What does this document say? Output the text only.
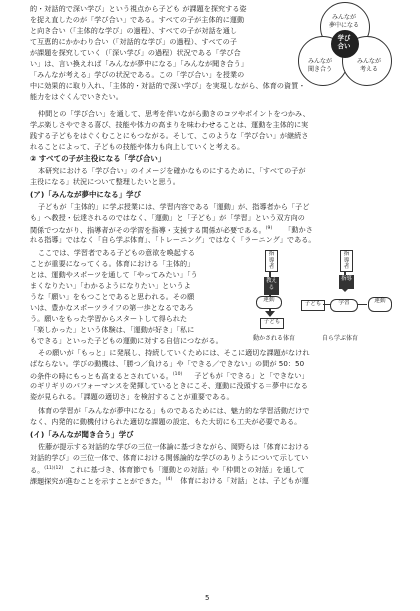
的・対話的で深い学び」という視点から子ども が課題を探究する姿
を捉え直したのが「学び合い」である。すべての子が主体的に運動
と向き合い（「主体的な学び」の過程）、すべての子が対話を通し
て互恵的にかかわり合い（「対話的な学び」の過程）、すべての子
が課題を探究していく（「深い学び」の過程）状況である「学び合
い」は、言い換えれば「みんなが夢中になる」「みんなが聞き合う」
「みんなが考える」学びの状況である。この「学び合い」を授業の
中に効果的に取り入れ、「主体的・対話的で深い学び」を実現しながら、体育の資質・
能力をはぐくんでいきたい。
みんなが
夢中になる
学び
合い
みんなが
聞き合う
みんなが
考える
仲間との「学び合い」を通して、思考を伴いながら動きのコツやポイントをつかみ、
学ぶ楽しさやできる喜び、技能や体力の高まりを味わわせることは、運動を主体的に実
践する子どもをはぐくむことにもつながる。そして、このような「学び合い」が継続さ
れることによって、子どもの技能や体力も向上していくと考える。
② すべての子が主役になる「学び合い」
本研究における「学び合い」のイメージを確かなものにするために、「すべての子が
主役になる」状況について整理したいと思う。
(ア)「みんなが夢中になる」学び
子どもが「主体的」に学ぶ授業には、学習内容である「運動」が、指導者から「子ど
も」へ教授・伝達されるのではなく、「運動」と「子ども」が「学習」という双方向の
関係でつながり、指導者がその学習を指導・支援する関係が必要である。$^{(9)}$ 「動かさ
れる指導」ではなく「自ら学ぶ体育」、「トレーニング」ではなく「ラーニング」である。
ここでは、学習者である子どもの意欲を喚起する
ことが重要になってくる。体育における「主体的」
とは、運動やスポーツを通して「やってみたい」「う
まくなりたい」「わかるようになりたい」というよ
うな「願い」をもつことであると思われる。その願
いは、豊かなスポーツライフの第一歩となるであろ
う。願いをもった学習からスタートして得られた
「楽しかった」という体験は、「運動が好き」「私に
もできる」といった子どもの運動に対する自信につながる。
指導者
教える
運動
子ども
動かされる体育
指導者
指導
子ども	学習	運動
自ら学ぶ体育
その願いが「もっと」に発展し、持続していくためには、そこに適切な課題がなけれ
ばならない。学びの動機は、「勝つ／負ける」や「できる／できない」の間が 50：50
の条件の時にもっとも高まるとされている。$^{(10)}$ 子どもが「できる」と「できない」
のギリギリのパフォーマンスを発揮しているときにこそ、運動に没頭する＝夢中になる
姿が見られる。「課題の適切さ」を検討することが重要である。
体育の学習が「みんなが夢中になる」ものであるためには、魅力的な学習活動だけで
なく、内発的に動機付けられた適切な課題の設定、もた大切にも工夫が必要である。
(イ)「みんなが聞き合う」学び
佐藤が提示する対話的な学びの三位一体論に基づきながら、岡野らは「体育における
対話的学び」の三位一体で、体育における関係論的な学びのありようについて示してい
る。$^{(11)(12)}$ これに基づき、体育節でも「運動との対話」や「仲間との対話」を通して
課題探究が進むことを示すことができた。$^{(4)}$ 体育における「対話」とは、子どもが運
5
